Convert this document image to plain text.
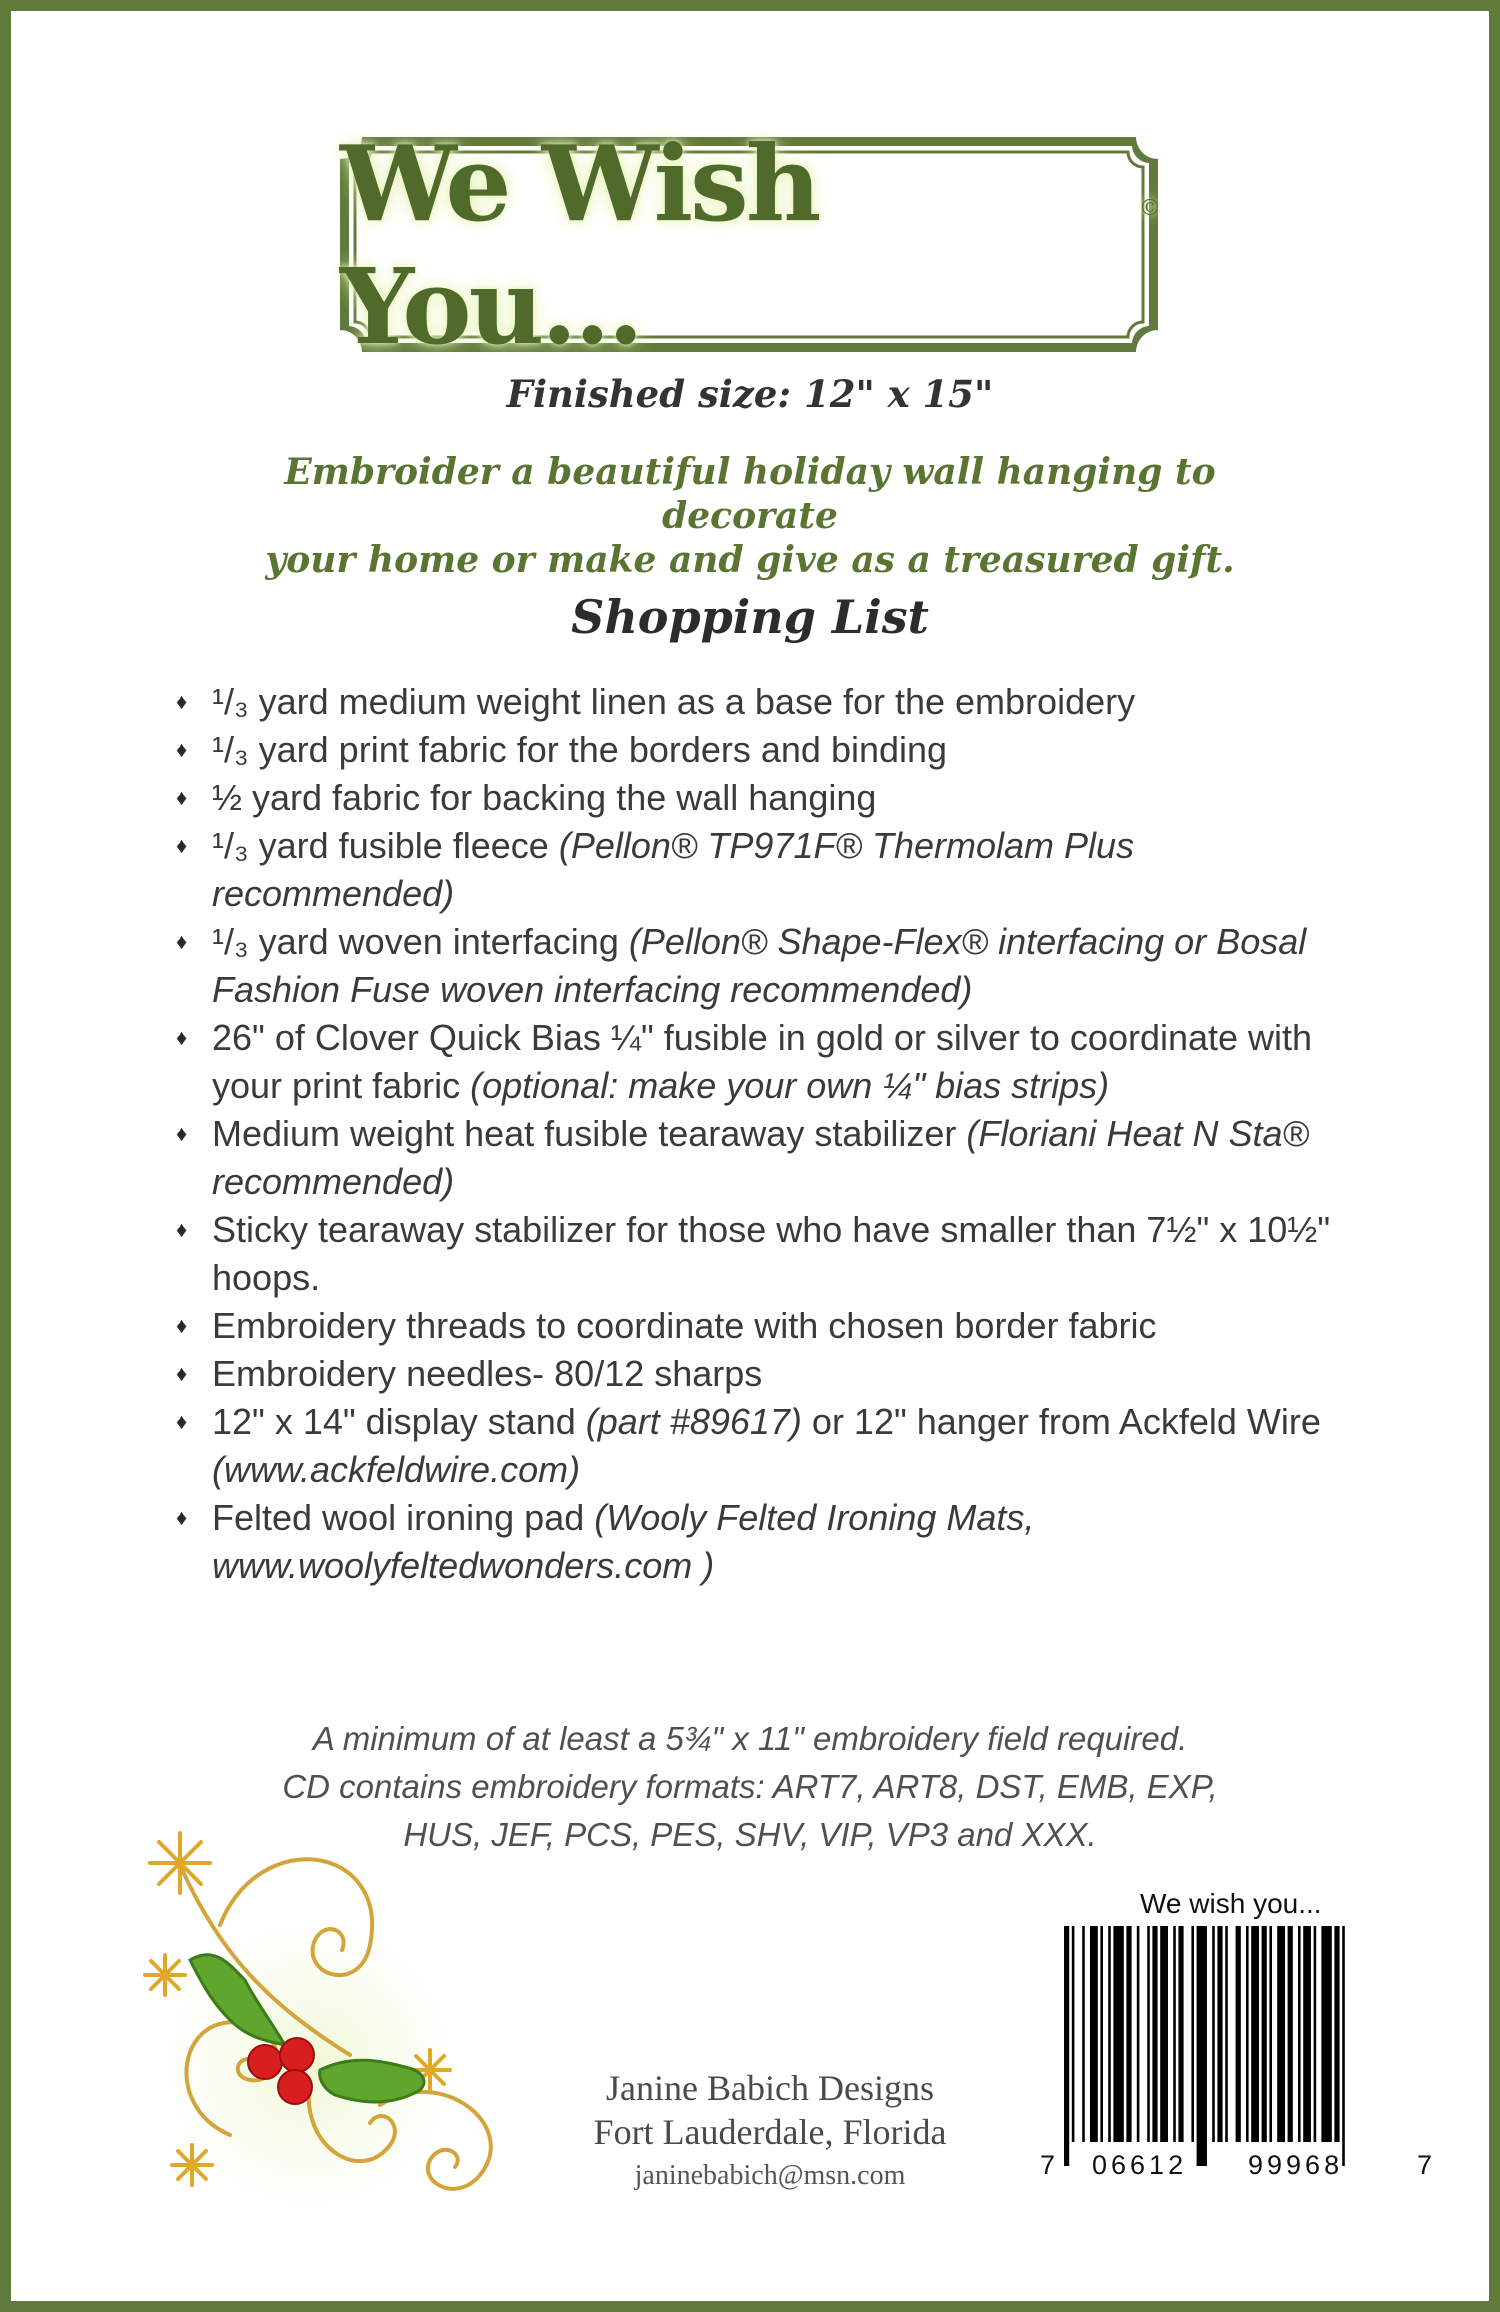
We Wish You...
©
Finished size: 12" x 15"
Embroider a beautiful holiday wall hanging to decorate
your home or make and give as a treasured gift.
Shopping List
♦ ¹/₃ yard medium weight linen as a base for the embroidery
♦ ¹/₃ yard print fabric for the borders and binding
♦ ½ yard fabric for backing the wall hanging
♦ ¹/₃ yard fusible fleece (Pellon® TP971F® Thermolam Plus recommended)
♦ ¹/₃ yard woven interfacing (Pellon® Shape-Flex® interfacing or Bosal Fashion Fuse woven interfacing recommended)
♦ 26" of Clover Quick Bias ¼" fusible in gold or silver to coordinate with your print fabric (optional: make your own ¼" bias strips)
♦ Medium weight heat fusible tearaway stabilizer (Floriani Heat N Sta® recommended)
♦ Sticky tearaway stabilizer for those who have smaller than 7½" x 10½" hoops.
♦ Embroidery threads to coordinate with chosen border fabric
♦ Embroidery needles- 80/12 sharps
♦ 12" x 14" display stand (part #89617) or 12" hanger from Ackfeld Wire (www.ackfeldwire.com)
♦ Felted wool ironing pad (Wooly Felted Ironing Mats, www.woolyfeltedwonders.com )
A minimum of at least a 5¾" x 11" embroidery field required.
CD contains embroidery formats: ART7, ART8, DST, EMB, EXP,
HUS, JEF, PCS, PES, SHV, VIP, VP3 and XXX.
Janine Babich Designs
Fort Lauderdale, Florida
janinebabich@msn.com
We wish you...
7 06612 99968	7
